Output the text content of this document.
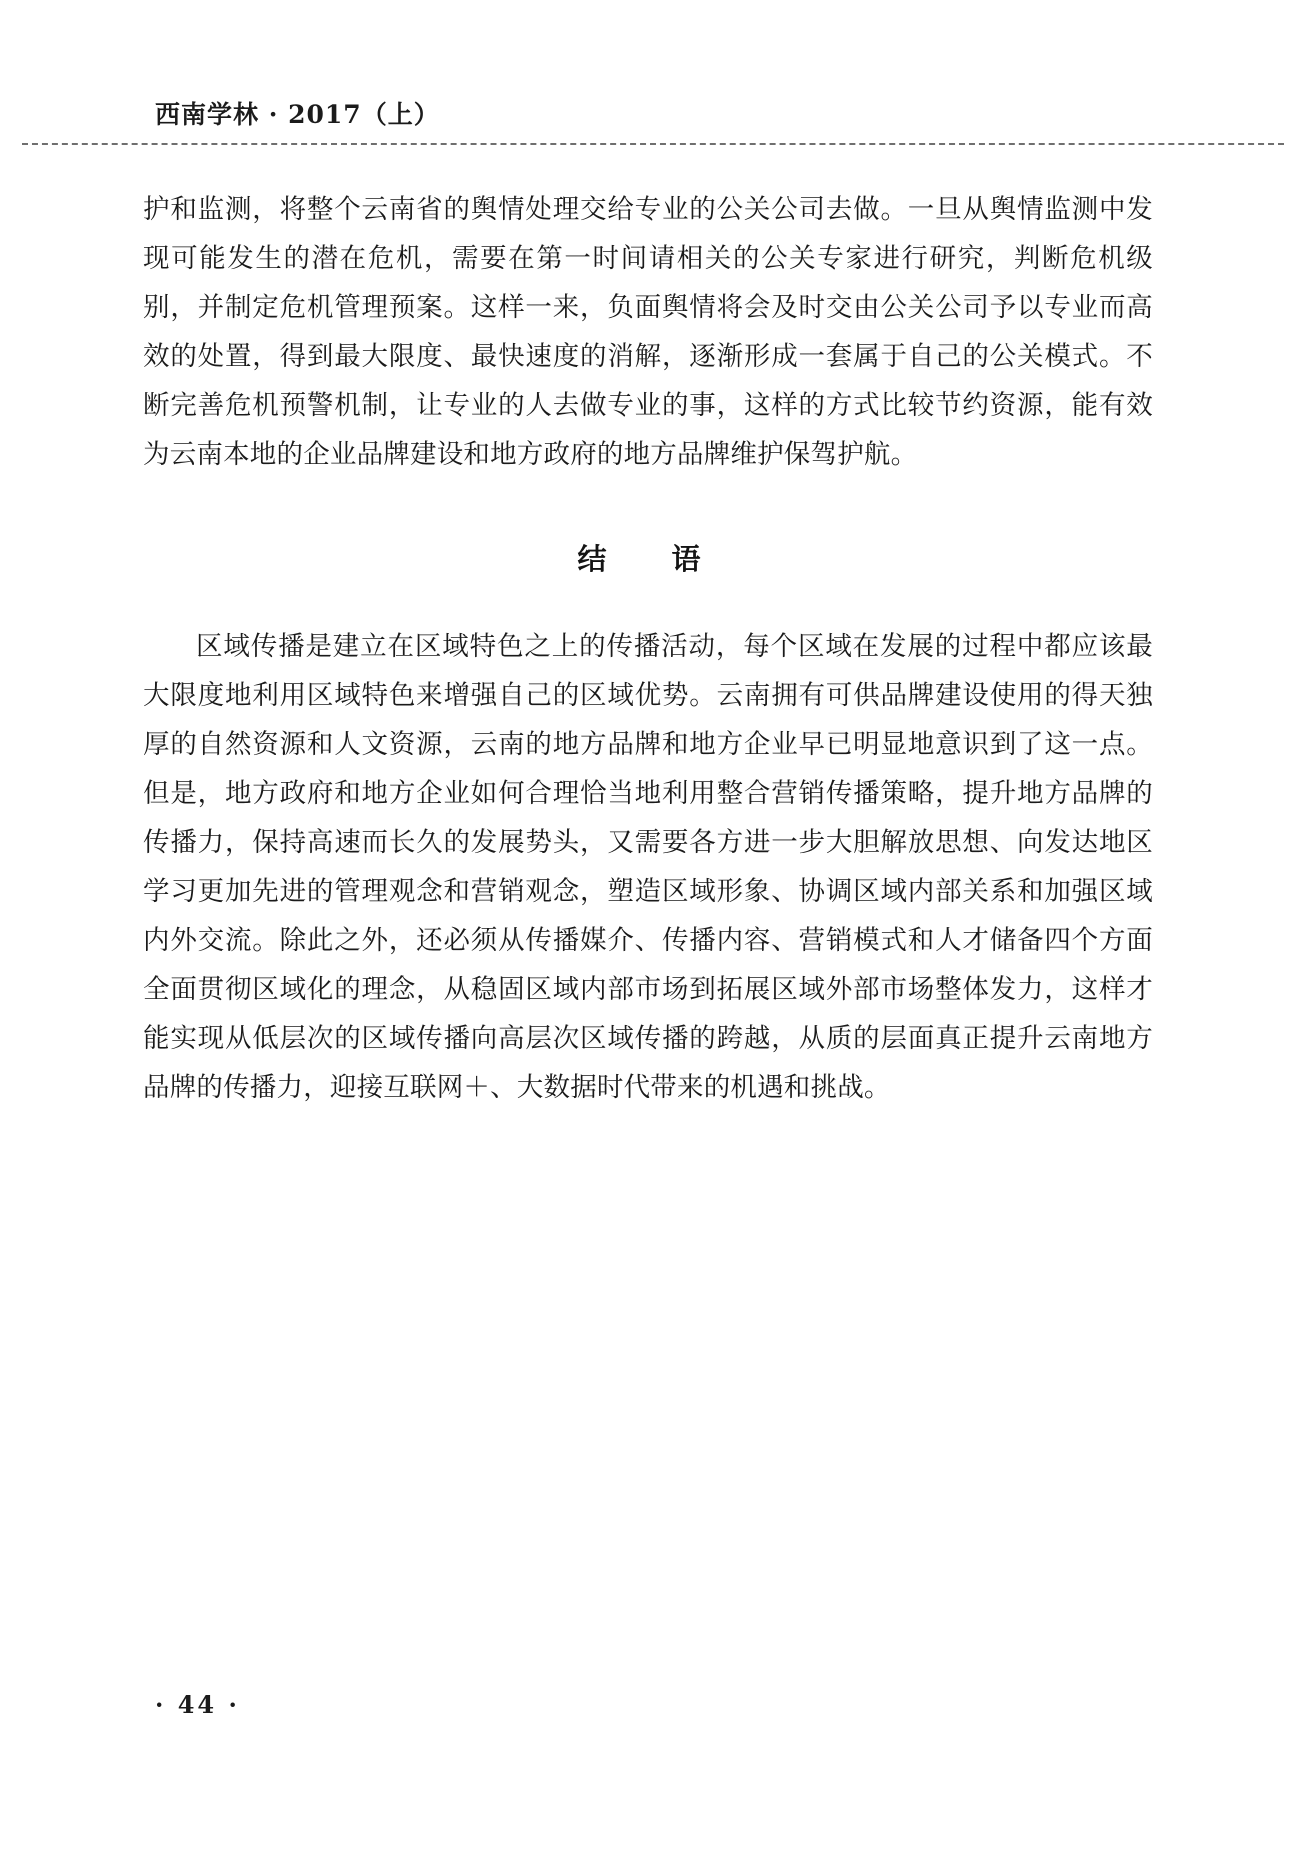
西南学林 · 2017（上）

护和监测，将整个云南省的舆情处理交给专业的公关公司去做。一旦从舆情监测中发现可能发生的潜在危机，需要在第一时间请相关的公关专家进行研究，判断危机级别，并制定危机管理预案。这样一来，负面舆情将会及时交由公关公司予以专业而高效的处置，得到最大限度、最快速度的消解，逐渐形成一套属于自己的公关模式。不断完善危机预警机制，让专业的人去做专业的事，这样的方式比较节约资源，能有效为云南本地的企业品牌建设和地方政府的地方品牌维护保驾护航。

结　语

区域传播是建立在区域特色之上的传播活动，每个区域在发展的过程中都应该最大限度地利用区域特色来增强自己的区域优势。云南拥有可供品牌建设使用的得天独厚的自然资源和人文资源，云南的地方品牌和地方企业早已明显地意识到了这一点。但是，地方政府和地方企业如何合理恰当地利用整合营销传播策略，提升地方品牌的传播力，保持高速而长久的发展势头，又需要各方进一步大胆解放思想、向发达地区学习更加先进的管理观念和营销观念，塑造区域形象、协调区域内部关系和加强区域内外交流。除此之外，还必须从传播媒介、传播内容、营销模式和人才储备四个方面全面贯彻区域化的理念，从稳固区域内部市场到拓展区域外部市场整体发力，这样才能实现从低层次的区域传播向高层次区域传播的跨越，从质的层面真正提升云南地方品牌的传播力，迎接互联网＋、大数据时代带来的机遇和挑战。

· 44 ·
